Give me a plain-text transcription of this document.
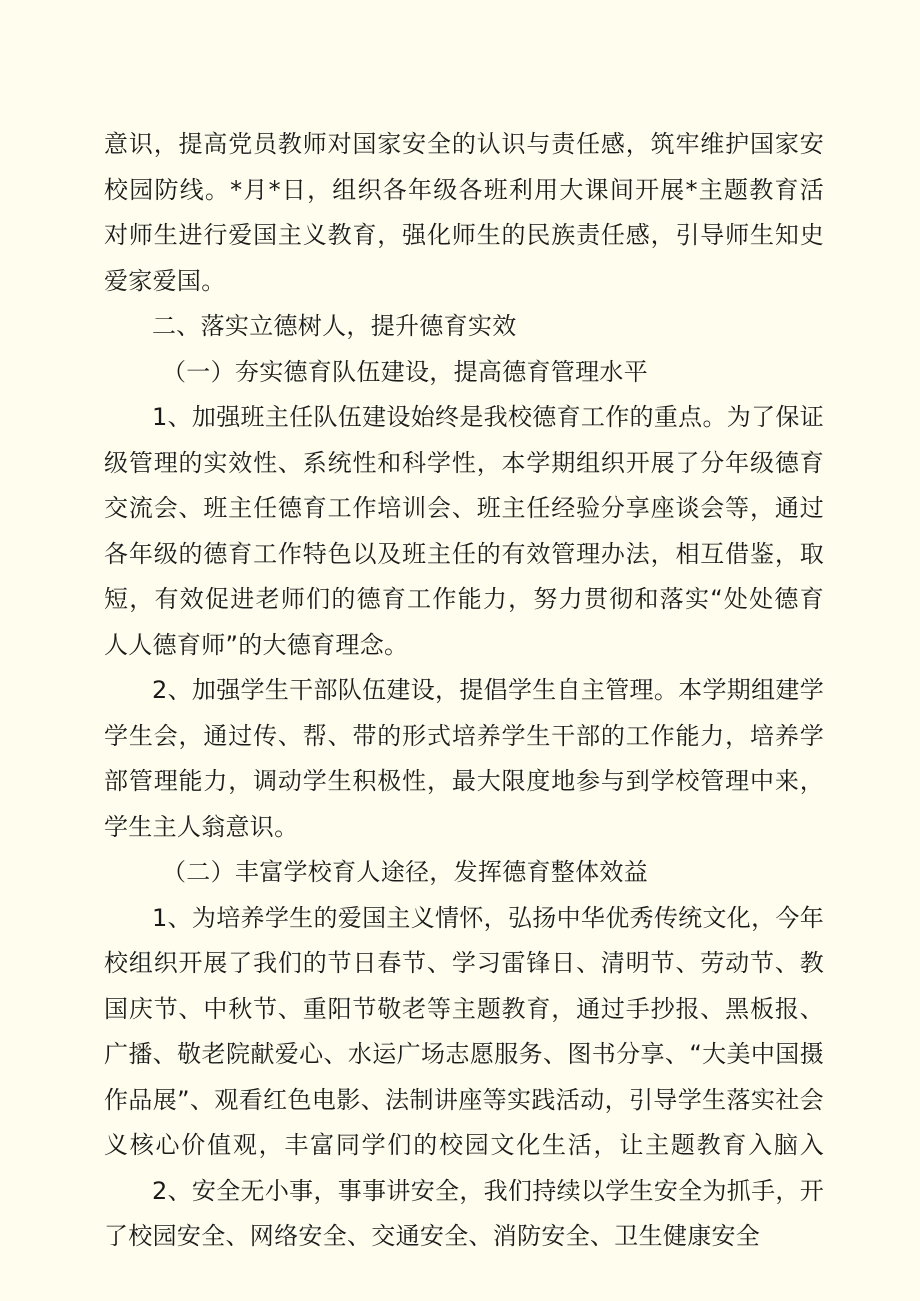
意识，提高党员教师对国家安全的认识与责任感，筑牢维护国家安
校园防线。*月*日，组织各年级各班利用大课间开展*主题教育活
对师生进行爱国主义教育，强化师生的民族责任感，引导师生知史
爱家爱国。
二、落实立德树人，提升德育实效
（一）夯实德育队伍建设，提高德育管理水平
1、加强班主任队伍建设始终是我校德育工作的重点。为了保证
级管理的实效性、系统性和科学性，本学期组织开展了分年级德育
交流会、班主任德育工作培训会、班主任经验分享座谈会等，通过
各年级的德育工作特色以及班主任的有效管理办法，相互借鉴，取
短，有效促进老师们的德育工作能力，努力贯彻和落实“处处德育
人人德育师”的大德育理念。
2、加强学生干部队伍建设，提倡学生自主管理。本学期组建学
学生会，通过传、帮、带的形式培养学生干部的工作能力，培养学
部管理能力，调动学生积极性，最大限度地参与到学校管理中来，
学生主人翁意识。
（二）丰富学校育人途径，发挥德育整体效益
1、为培养学生的爱国主义情怀，弘扬中华优秀传统文化，今年
校组织开展了我们的节日春节、学习雷锋日、清明节、劳动节、教
国庆节、中秋节、重阳节敬老等主题教育，通过手抄报、黑板报、
广播、敬老院献爱心、水运广场志愿服务、图书分享、“大美中国摄
作品展”、观看红色电影、法制讲座等实践活动，引导学生落实社会
义核心价值观，丰富同学们的校园文化生活，让主题教育入脑入
2、安全无小事，事事讲安全，我们持续以学生安全为抓手，开
了校园安全、网络安全、交通安全、消防安全、卫生健康安全
